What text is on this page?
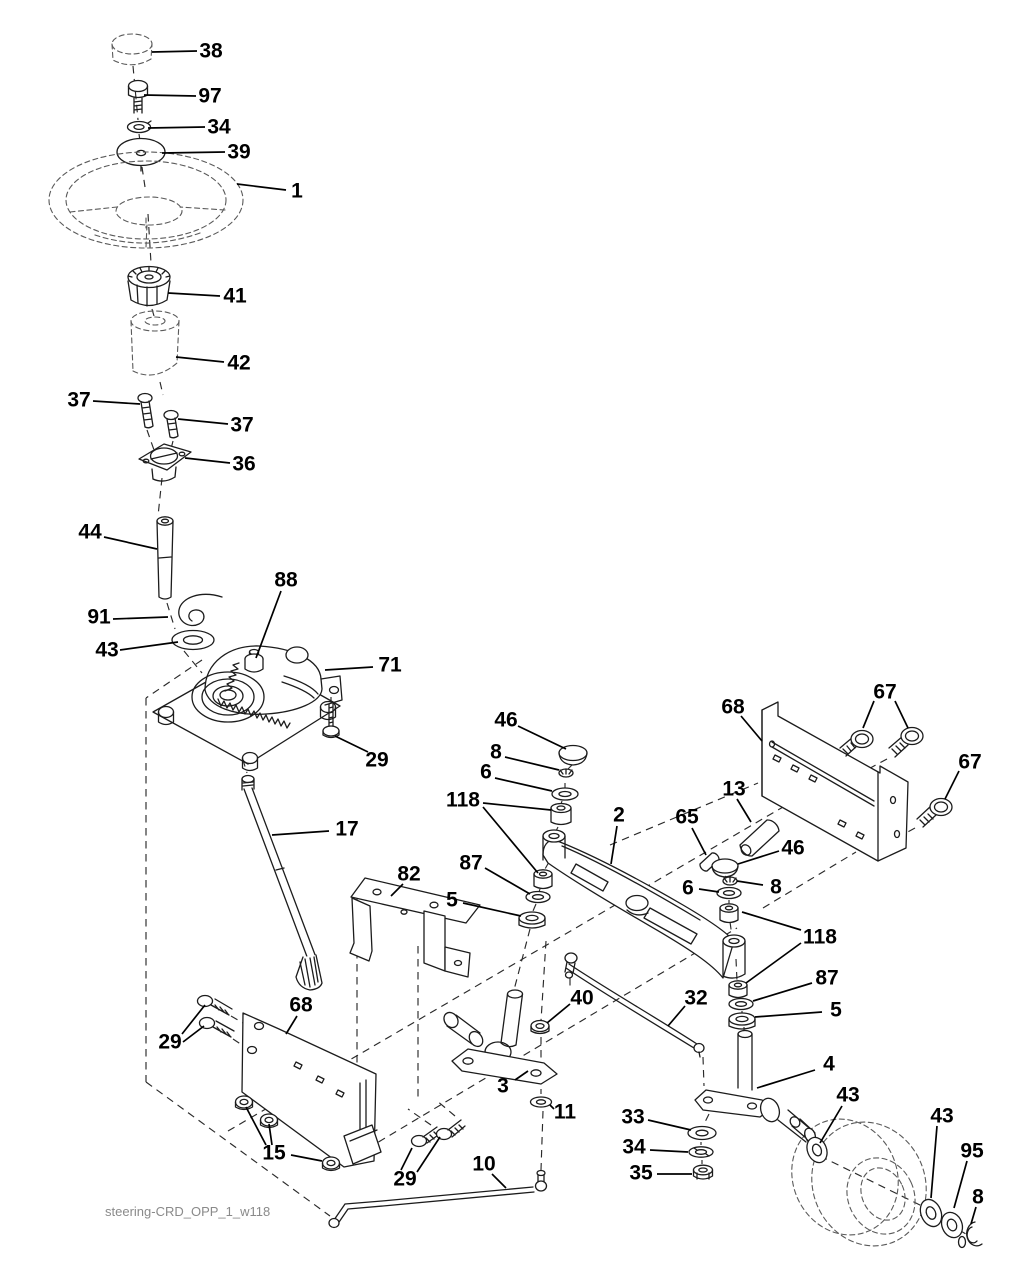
steering-CRD_OPP_1_w118
38
97
34
39
1
41
42
37
37
36
44
91
43
88
71
29
17
82
46
8
6
118
87
5
2 65
13
68
67
67
46
8
6
118
87
5
40	32
3
11
68
29
15
29
10
33
34
35
4
43
43
95
8
